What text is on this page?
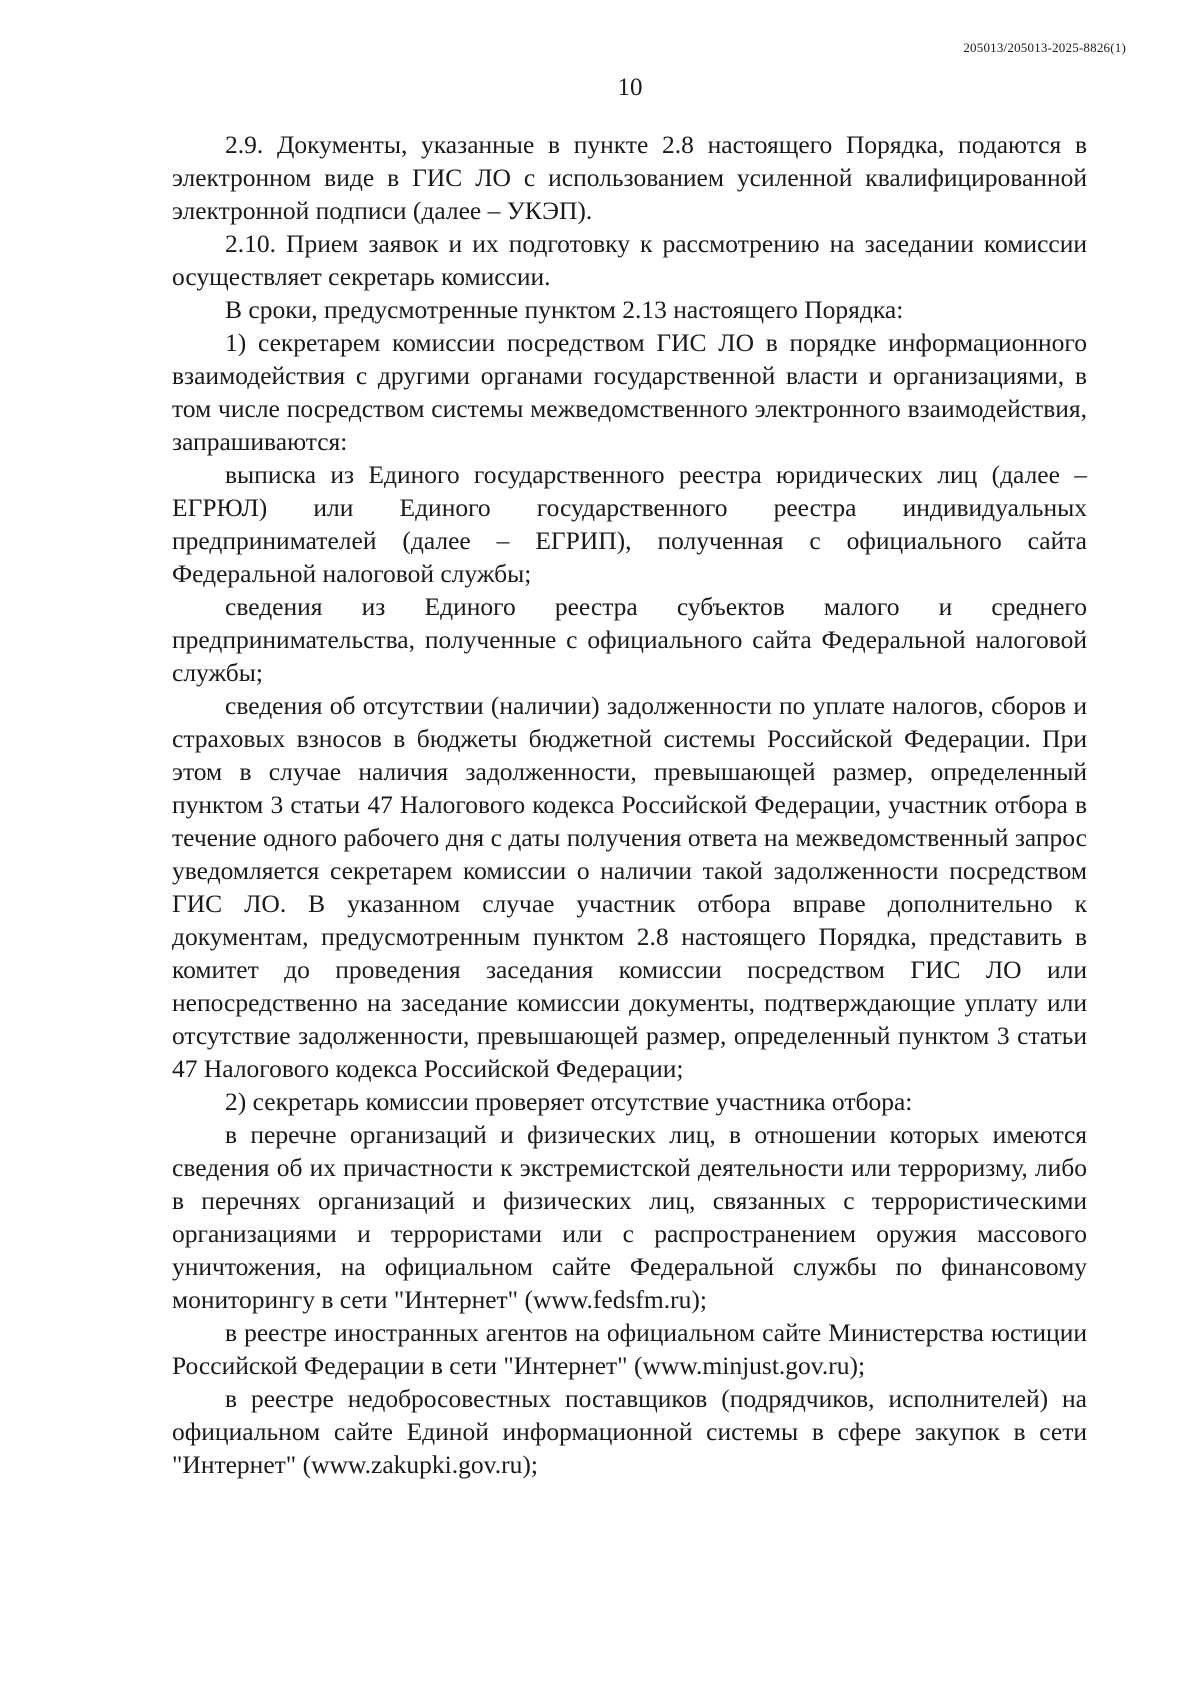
205013/205013-2025-8826(1)
10

2.9. Документы, указанные в пункте 2.8 настоящего Порядка, подаются в электронном виде в ГИС ЛО с использованием усиленной квалифицированной электронной подписи (далее – УКЭП).

2.10. Прием заявок и их подготовку к рассмотрению на заседании комиссии осуществляет секретарь комиссии.

В сроки, предусмотренные пунктом 2.13 настоящего Порядка:

1) секретарем комиссии посредством ГИС ЛО в порядке информационного взаимодействия с другими органами государственной власти и организациями, в том числе посредством системы межведомственного электронного взаимодействия, запрашиваются:

выписка из Единого государственного реестра юридических лиц (далее – ЕГРЮЛ) или Единого государственного реестра индивидуальных предпринимателей (далее – ЕГРИП), полученная с официального сайта Федеральной налоговой службы;

сведения из Единого реестра субъектов малого и среднего предпринимательства, полученные с официального сайта Федеральной налоговой службы;

сведения об отсутствии (наличии) задолженности по уплате налогов, сборов и страховых взносов в бюджеты бюджетной системы Российской Федерации. При этом в случае наличия задолженности, превышающей размер, определенный пунктом 3 статьи 47 Налогового кодекса Российской Федерации, участник отбора в течение одного рабочего дня с даты получения ответа на межведомственный запрос уведомляется секретарем комиссии о наличии такой задолженности посредством ГИС ЛО. В указанном случае участник отбора вправе дополнительно к документам, предусмотренным пунктом 2.8 настоящего Порядка, представить в комитет до проведения заседания комиссии посредством ГИС ЛО или непосредственно на заседание комиссии документы, подтверждающие уплату или отсутствие задолженности, превышающей размер, определенный пунктом 3 статьи 47 Налогового кодекса Российской Федерации;

2) секретарь комиссии проверяет отсутствие участника отбора:

в перечне организаций и физических лиц, в отношении которых имеются сведения об их причастности к экстремистской деятельности или терроризму, либо в перечнях организаций и физических лиц, связанных с террористическими организациями и террористами или с распространением оружия массового уничтожения, на официальном сайте Федеральной службы по финансовому мониторингу в сети "Интернет" (www.fedsfm.ru);

в реестре иностранных агентов на официальном сайте Министерства юстиции Российской Федерации в сети "Интернет" (www.minjust.gov.ru);

в реестре недобросовестных поставщиков (подрядчиков, исполнителей) на официальном сайте Единой информационной системы в сфере закупок в сети "Интернет" (www.zakupki.gov.ru);
